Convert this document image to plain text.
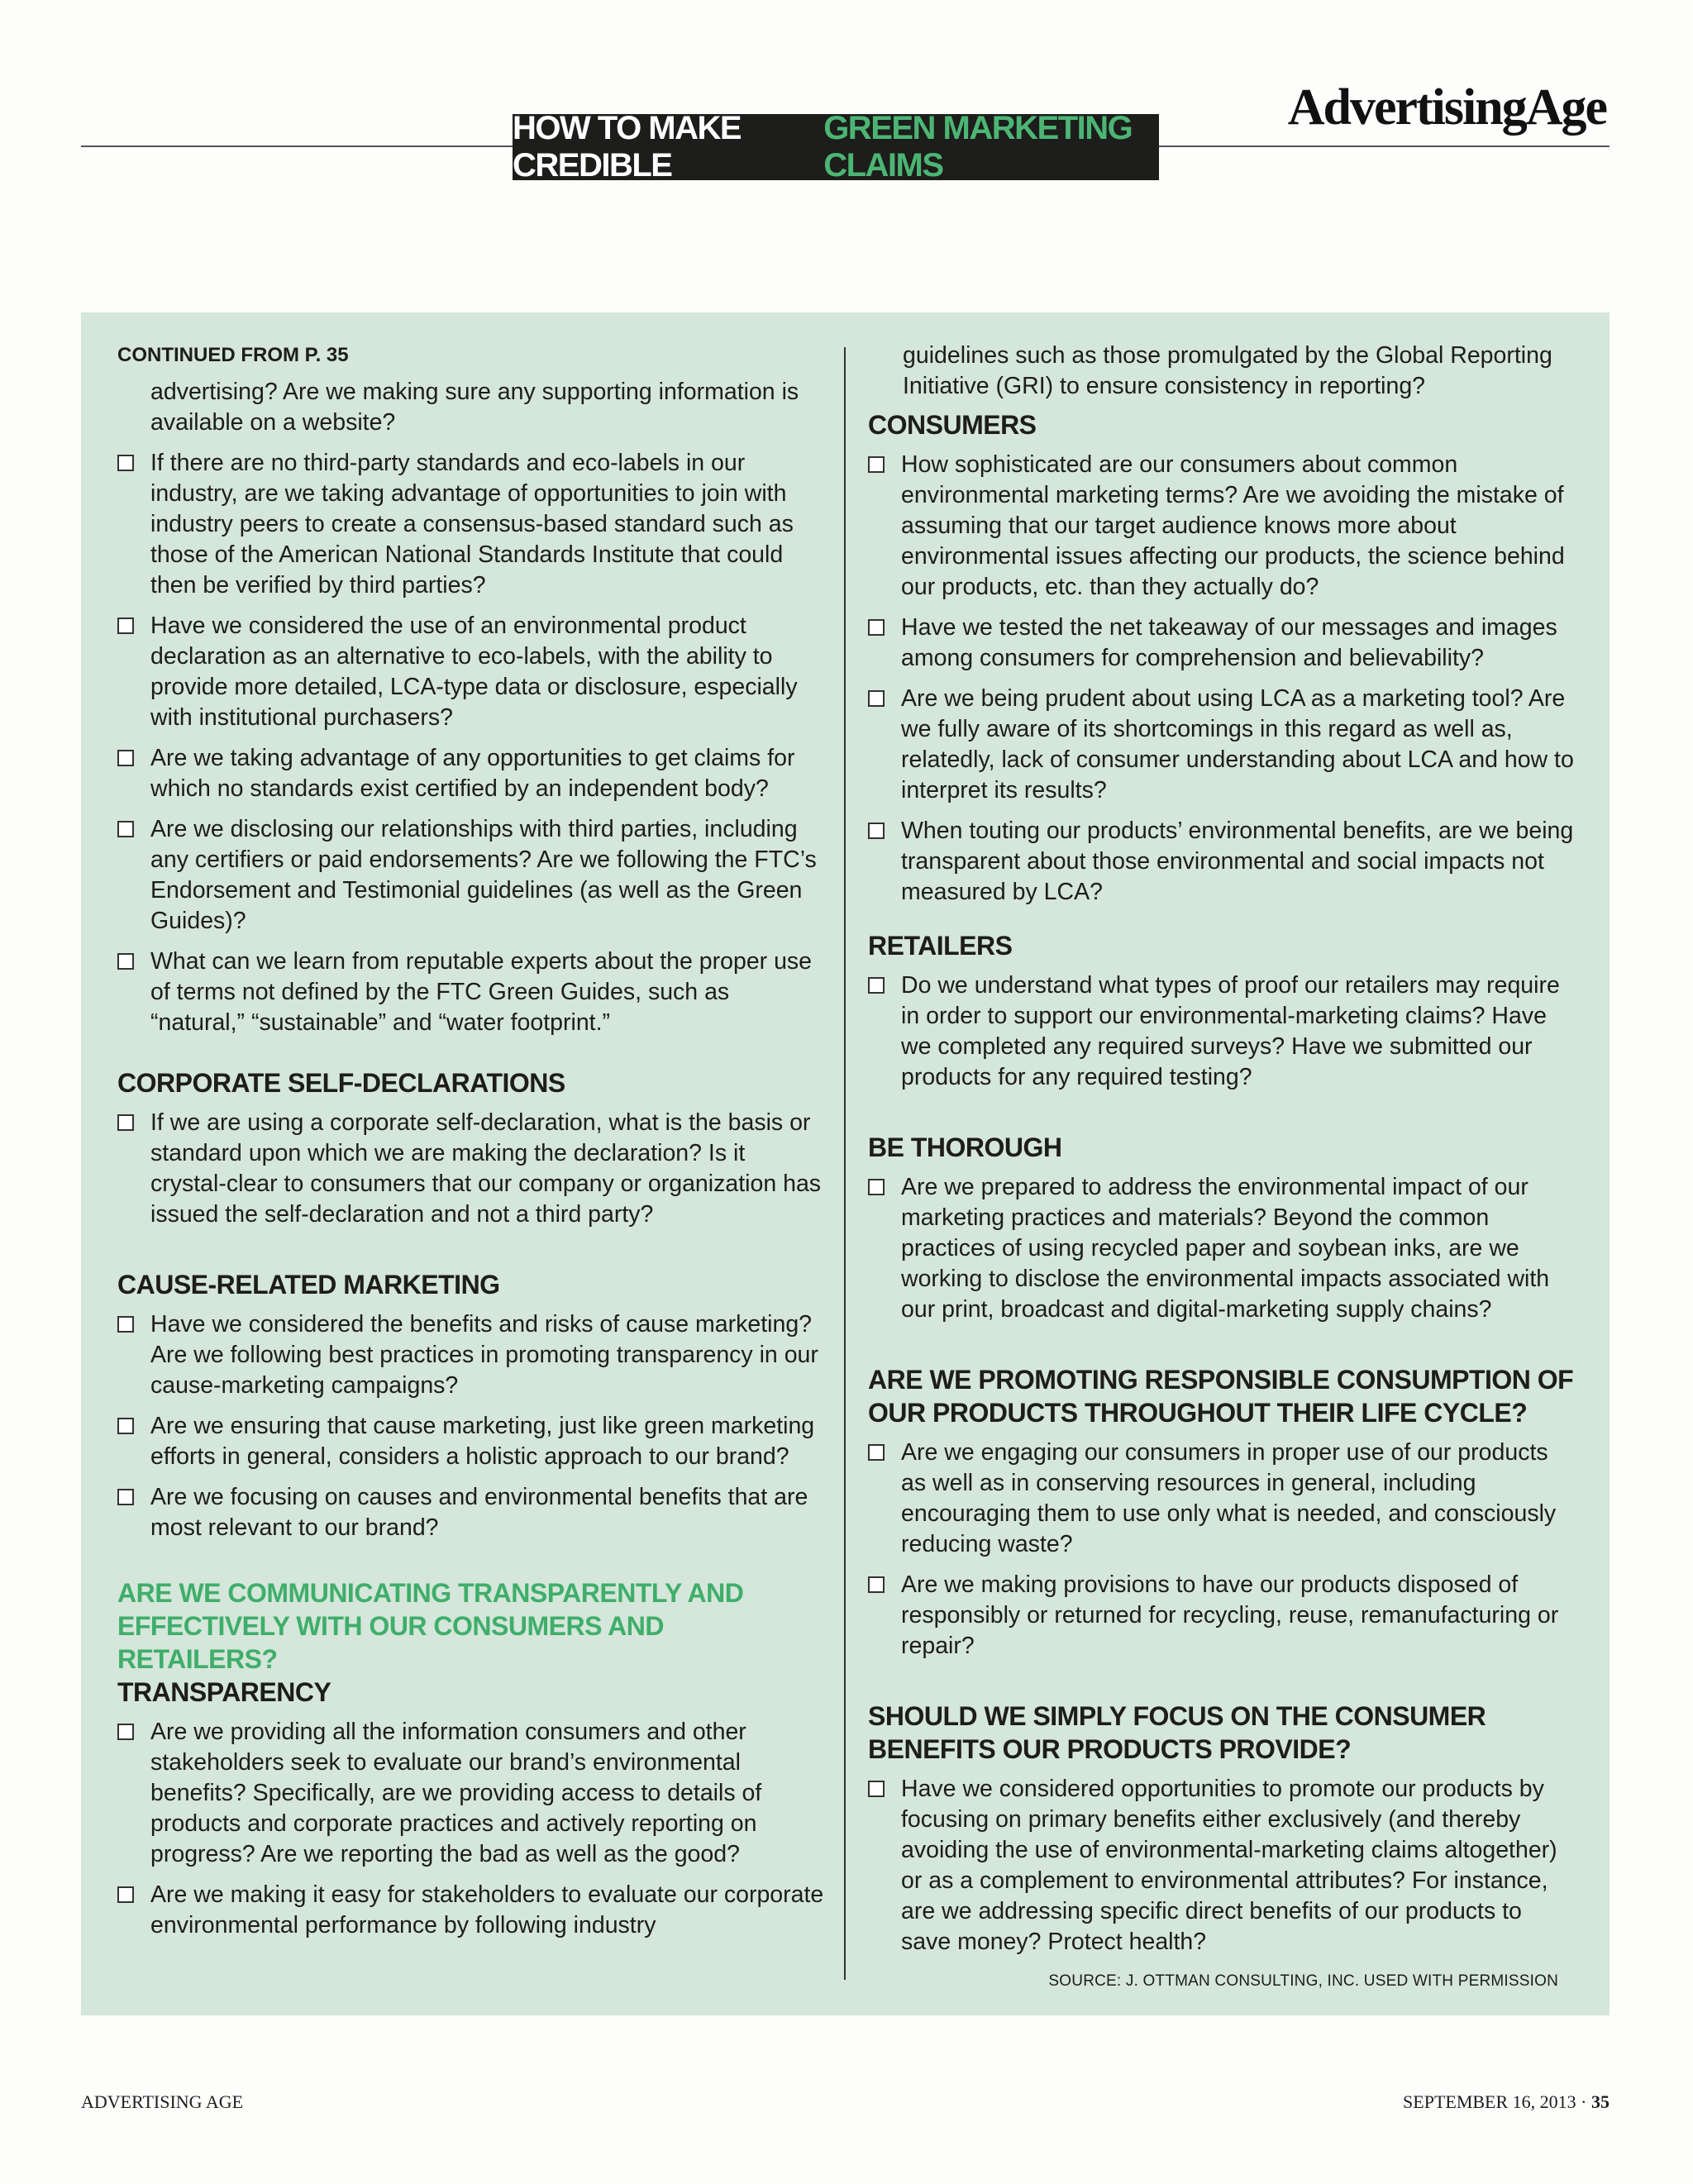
AdvertisingAge
HOW TO MAKE CREDIBLE
GREEN MARKETING CLAIMS
CONTINUED FROM P. 35

advertising? Are we making sure any supporting information is available on a website?

If there are no third-party standards and eco-labels in our industry, are we taking advantage of opportunities to join with industry peers to create a consensus-based standard such as those of the American National Standards Institute that could then be verified by third parties?
Have we considered the use of an environmental product declaration as an alternative to eco-labels, with the ability to provide more detailed, LCA-type data or disclosure, especially with institutional purchasers?
Are we taking advantage of any opportunities to get claims for which no standards exist certified by an independent body?
Are we disclosing our relationships with third parties, including any certifiers or paid endorsements? Are we following the FTC’s Endorsement and Testimonial guidelines (as well as the Green Guides)?
What can we learn from reputable experts about the proper use of terms not defined by the FTC Green Guides, such as “natural,” “sustainable” and “water footprint.”
CORPORATE SELF-DECLARATIONS
If we are using a corporate self-declaration, what is the basis or standard upon which we are making the declaration? Is it crystal-clear to consumers that our company or organization has issued the self-declaration and not a third party?
CAUSE-RELATED MARKETING
Have we considered the benefits and risks of cause marketing? Are we following best practices in promoting transparency in our cause-marketing campaigns?
Are we ensuring that cause marketing, just like green marketing efforts in general, considers a holistic approach to our brand?
Are we focusing on causes and environmental benefits that are most relevant to our brand?
ARE WE COMMUNICATING TRANSPARENTLY AND EFFECTIVELY WITH OUR CONSUMERS AND RETAILERS?
TRANSPARENCY
Are we providing all the information consumers and other stakeholders seek to evaluate our brand’s environmental benefits? Specifically, are we providing access to details of products and corporate practices and actively reporting on progress? Are we reporting the bad as well as the good?
Are we making it easy for stakeholders to evaluate our corporate environmental performance by following industry

guidelines such as those promulgated by the Global Reporting Initiative (GRI) to ensure consistency in reporting?

CONSUMERS
How sophisticated are our consumers about common environmental marketing terms? Are we avoiding the mistake of assuming that our target audience knows more about environmental issues affecting our products, the science behind our products, etc. than they actually do?
Have we tested the net takeaway of our messages and images among consumers for comprehension and believability?
Are we being prudent about using LCA as a marketing tool? Are we fully aware of its shortcomings in this regard as well as, relatedly, lack of consumer understanding about LCA and how to interpret its results?
When touting our products’ environmental benefits, are we being transparent about those environmental and social impacts not measured by LCA?
RETAILERS
Do we understand what types of proof our retailers may require in order to support our environmental-marketing claims? Have we completed any required surveys? Have we submitted our products for any required testing?
BE THOROUGH
Are we prepared to address the environmental impact of our marketing practices and materials? Beyond the common practices of using recycled paper and soybean inks, are we working to disclose the environmental impacts associated with our print, broadcast and digital-marketing supply chains?
ARE WE PROMOTING RESPONSIBLE CONSUMPTION OF OUR PRODUCTS THROUGHOUT THEIR LIFE CYCLE?
Are we engaging our consumers in proper use of our products as well as in conserving resources in general, including encouraging them to use only what is needed, and consciously reducing waste?
Are we making provisions to have our products disposed of responsibly or returned for recycling, reuse, remanufacturing or repair?
SHOULD WE SIMPLY FOCUS ON THE CONSUMER BENEFITS OUR PRODUCTS PROVIDE?
Have we considered opportunities to promote our products by focusing on primary benefits either exclusively (and thereby avoiding the use of environmental-marketing claims altogether) or as a complement to environmental attributes? For instance, are we addressing specific direct benefits of our products to save money? Protect health?
SOURCE: J. OTTMAN CONSULTING, INC. USED WITH PERMISSION
ADVERTISING AGE	SEPTEMBER 16, 2013 · 35
